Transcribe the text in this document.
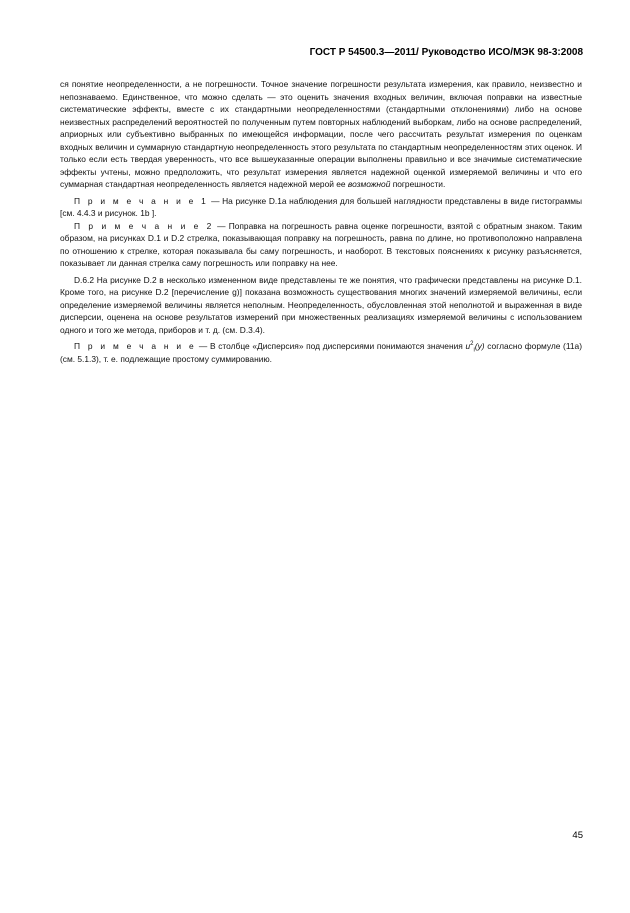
ГОСТ Р 54500.3—2011/ Руководство ИСО/МЭК 98-3:2008

ся понятие неопределенности, а не погрешности. Точное значение погрешности результата измерения, как правило, неизвестно и непознаваемо. Единственное, что можно сделать — это оценить значения входных величин, включая поправки на известные систематические эффекты, вместе с их стандартными неопределенностями (стандартными отклонениями) либо на основе неизвестных распределений вероятностей по полученным путем повторных наблюдений выборкам, либо на основе распределений, априорных или субъективно выбранных по имеющейся информации, после чего рассчитать результат измерения по оценкам входных величин и суммарную стандартную неопределенность этого результата по стандартным неопределенностям этих оценок. И только если есть твердая уверенность, что все вышеуказанные операции выполнены правильно и все значимые систематические эффекты учтены, можно предположить, что результат измерения является надежной оценкой измеряемой величины и что его суммарная стандартная неопределенность является надежной мерой ее возможной погрешности.

П р и м е ч а н и е 1 — На рисунке D.1а наблюдения для большей наглядности представлены в виде гистограммы [см. 4.4.3 и рисунок. 1b ].

П р и м е ч а н и е 2 — Поправка на погрешность равна оценке погрешности, взятой с обратным знаком. Таким образом, на рисунках D.1 и D.2 стрелка, показывающая поправку на погрешность, равна по длине, но противоположно направлена по отношению к стрелке, которая показывала бы саму погрешность, и наоборот. В текстовых пояснениях к рисунку разъясняется, показывает ли данная стрелка саму погрешность или поправку на нее.

D.6.2 На рисунке D.2 в несколько измененном виде представлены те же понятия, что графически представлены на рисунке D.1. Кроме того, на рисунке D.2 [перечисление g)] показана возможность существования многих значений измеряемой величины, если определение измеряемой величины является неполным. Неопределенность, обусловленная этой неполнотой и выраженная в виде дисперсии, оценена на основе результатов измерений при множественных реализациях измеряемой величины с использованием одного и того же метода, приборов и т. д. (см. D.3.4).

П р и м е ч а н и е — В столбце «Дисперсия» под дисперсиями понимаются значения $u^2_i(y)$ согласно формуле (11а) (см. 5.1.3), т. е. подлежащие простому суммированию.

45
